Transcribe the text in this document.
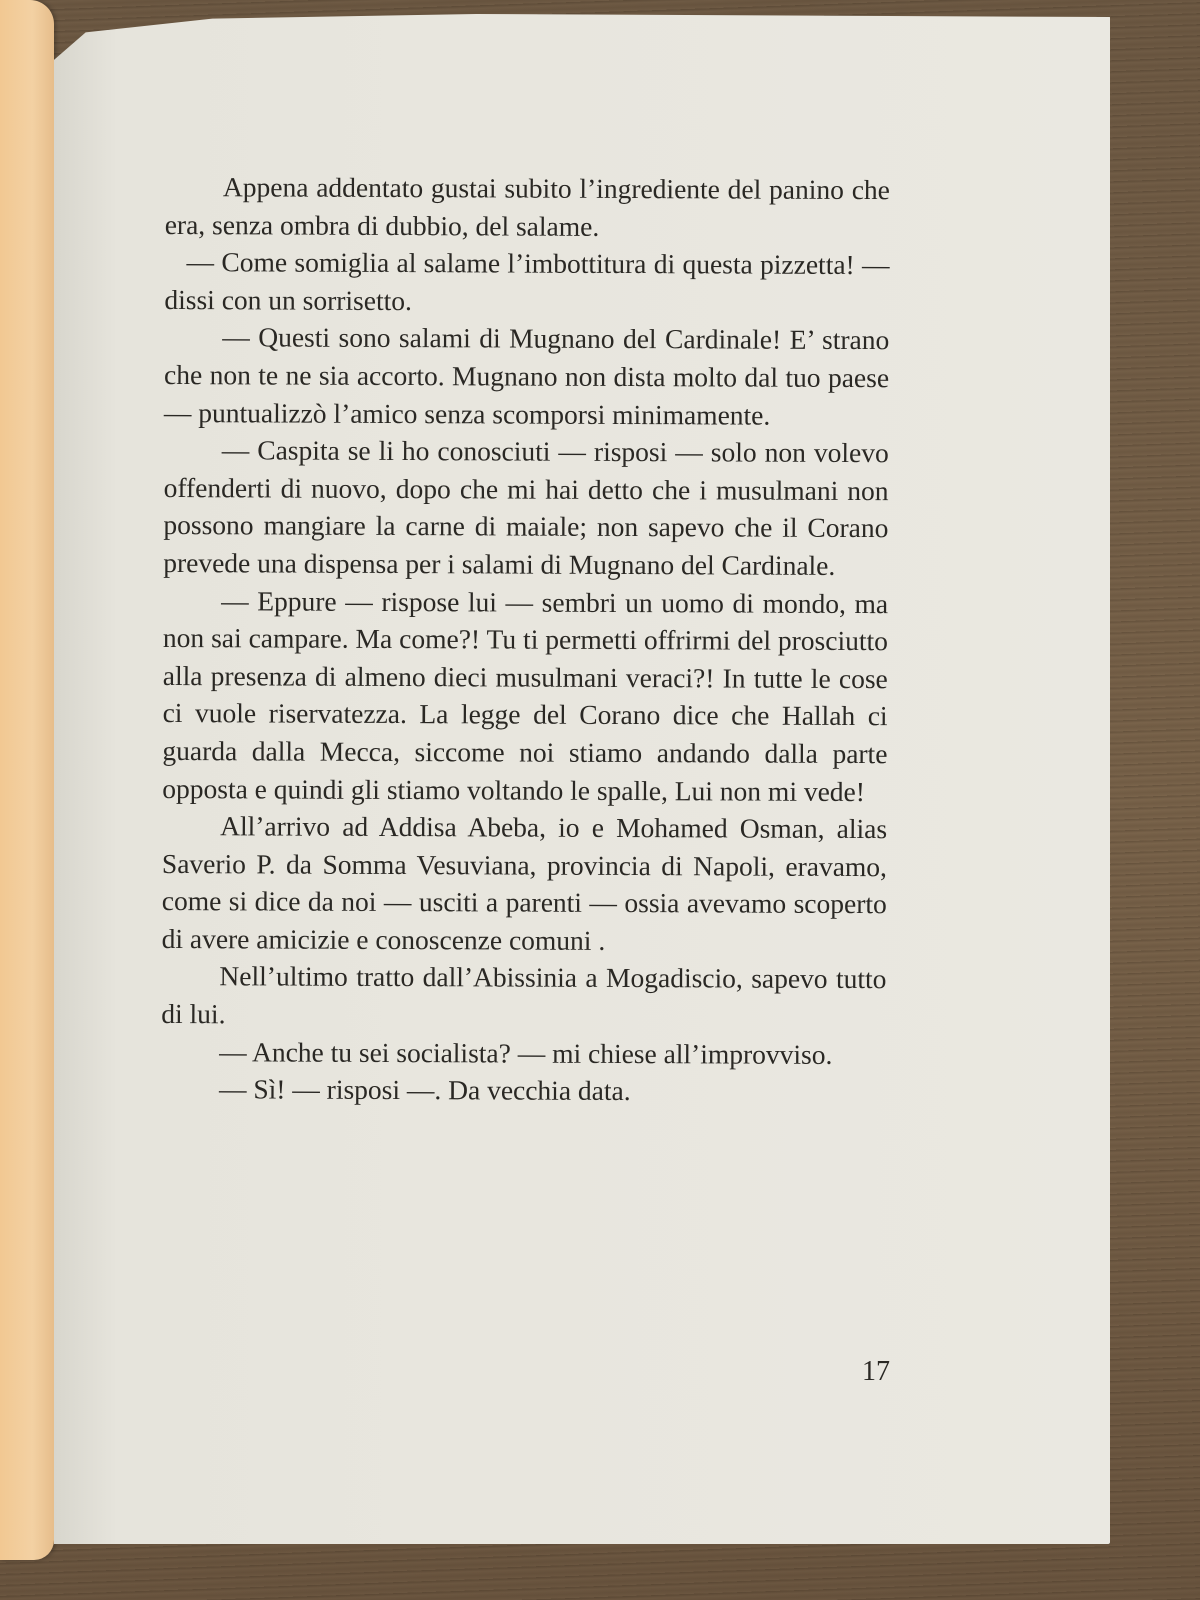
Appena addentato gustai subito l’ingrediente del panino che era, senza ombra di dubbio, del salame.

— Come somiglia al salame l’imbottitura di questa pizzetta! — dissi con un sorrisetto.

— Questi sono salami di Mugnano del Cardinale! E’ strano che non te ne sia accorto. Mugnano non dista molto dal tuo paese — puntualizzò l’amico senza scomporsi minimamente.

— Caspita se li ho conosciuti — risposi — solo non volevo offenderti di nuovo, dopo che mi hai detto che i musulmani non possono mangiare la carne di maiale; non sapevo che il Corano prevede una dispensa per i salami di Mugnano del Cardinale.

— Eppure — rispose lui — sembri un uomo di mondo, ma non sai campare. Ma come?! Tu ti permetti offrirmi del prosciutto alla presenza di almeno dieci musulmani veraci?! In tutte le cose ci vuole riservatezza. La legge del Corano dice che Hallah ci guarda dalla Mecca, siccome noi stiamo andando dalla parte opposta e quindi gli stiamo voltando le spalle, Lui non mi vede!

All’arrivo ad Addisa Abeba, io e Mohamed Osman, alias Saverio P. da Somma Vesuviana, provincia di Napoli, eravamo, come si dice da noi — usciti a parenti — ossia avevamo scoperto di avere amicizie e conoscenze comuni .

Nell’ultimo tratto dall’Abissinia a Mogadiscio, sapevo tutto di lui.

— Anche tu sei socialista? — mi chiese all’improvviso.

— Sì! — risposi —. Da vecchia data.

17
